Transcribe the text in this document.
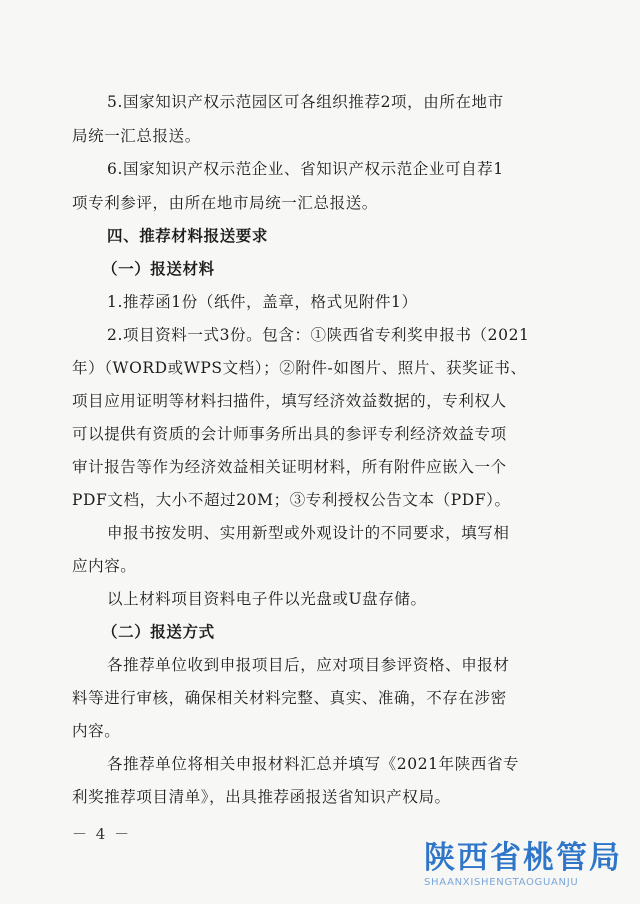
5.国家知识产权示范园区可各组织推荐2项，由所在地市
局统一汇总报送。
6.国家知识产权示范企业、省知识产权示范企业可自荐1
项专利参评，由所在地市局统一汇总报送。
四、推荐材料报送要求
（一）报送材料
1.推荐函1份（纸件，盖章，格式见附件1）
2.项目资料一式3份。包含：①陕西省专利奖申报书（2021
年）（WORD或WPS文档）；②附件-如图片、照片、获奖证书、
项目应用证明等材料扫描件，填写经济效益数据的，专利权人
可以提供有资质的会计师事务所出具的参评专利经济效益专项
审计报告等作为经济效益相关证明材料，所有附件应嵌入一个
PDF文档，大小不超过20M；③专利授权公告文本（PDF）。
申报书按发明、实用新型或外观设计的不同要求，填写相
应内容。
以上材料项目资料电子件以光盘或U盘存储。
（二）报送方式
各推荐单位收到申报项目后，应对项目参评资格、申报材
料等进行审核，确保相关材料完整、真实、准确，不存在涉密
内容。
各推荐单位将相关申报材料汇总并填写《2021年陕西省专
利奖推荐项目清单》，出具推荐函报送省知识产权局。
－ 4 －
陕西省桃管局
SHAANXISHENGTAOGUANJU
